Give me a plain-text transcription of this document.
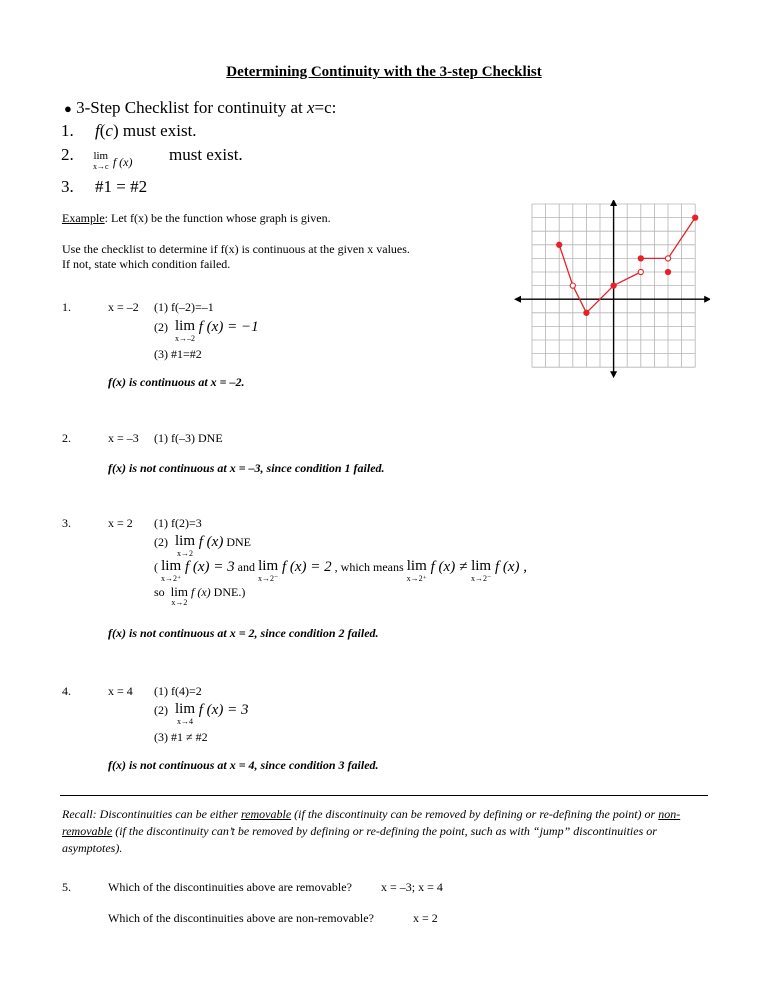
Determining Continuity with the 3-step Checklist
● 3-Step Checklist for continuity at x=c:
1. f(c) must exist.
2. lim
x→c f (x) must exist.
3. #1 = #2
Example: Let f(x) be the function whose graph is given.
Use the checklist to determine if f(x) is continuous at the given x values.
If not, state which condition failed.
1.	x = –2 (1) f(–2)=–1
(2) lim
x→–2
f (x) = −1
(3) #1=#2
f(x) is continuous at x = –2.
2.	x = –3 (1) f(–3) DNE
f(x) is not continuous at x = –3, since condition 1 failed.
3.	x = 2 (1) f(2)=3
(2) lim
x→2
f (x) DNE
( lim
x→2⁺
f (x) = 3 and lim
x→2⁻
f (x) = 2 , which means lim
x→2⁺
f (x) ≠ lim
x→2⁻
f (x) ,
so lim
x→2
f (x) DNE.)
f(x) is not continuous at x = 2, since condition 2 failed.
4.	x = 4 (1) f(4)=2
(2) lim
x→4
f (x) = 3
(3) #1 ≠ #2
f(x) is not continuous at x = 4, since condition 3 failed.
Recall: Discontinuities can be either removable (if the discontinuity can be removed by defining or re-defining the point) or non-removable (if the discontinuity can’t be removed by defining or re-defining the point, such as with “jump” discontinuities or asymptotes).
5.	Which of the discontinuities above are removable? x = –3; x = 4
Which of the discontinuities above are non-removable?	x = 2
